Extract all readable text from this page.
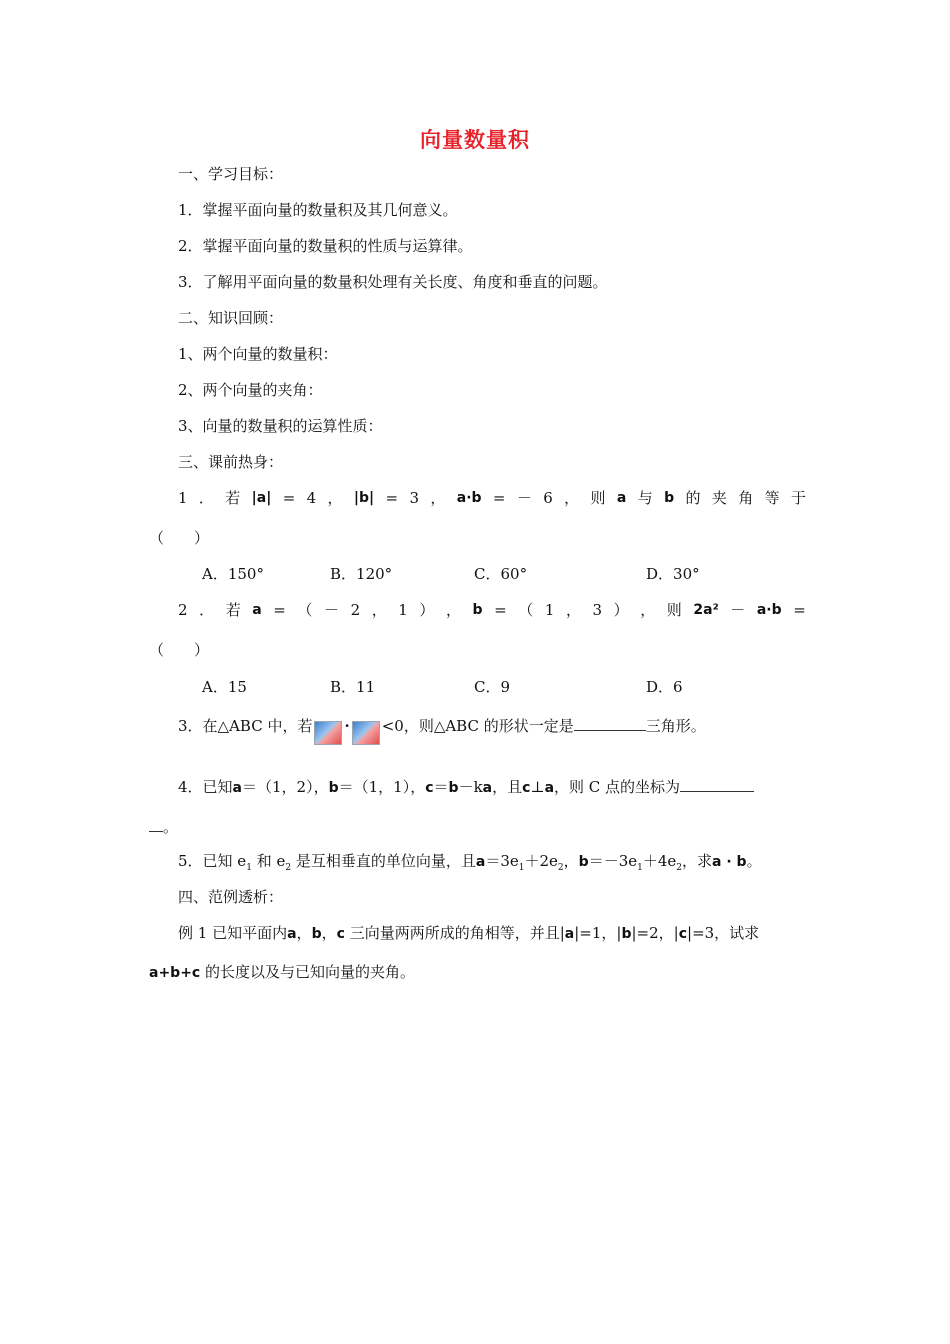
向量数量积
一、学习目标：
1．掌握平面向量的数量积及其几何意义。
2．掌握平面向量的数量积的性质与运算律。
3．了解用平面向量的数量积处理有关长度、角度和垂直的问题。
二、知识回顾：
1、两个向量的数量积：
2、两个向量的夹角：
3、向量的数量积的运算性质：
三、课前热身：
1 ． 若 |a| = 4 ， |b| = 3 ， a·b = － 6 ， 则 a 与 b 的 夹 角 等 于
（　　）
A．150°	B．120°	C．60°	D．30°
2 ． 若 a = （ － 2 ， 1 ） ， b = （ 1 ， 3 ） ， 则 2a² － a·b =
（　　）
A．15	B．11	C．9	D．6
3．在△ABC 中，若 · <0，则△ABC 的形状一定是	三角形。
4．已知a＝（1，2），b＝（1，1），c＝b－ka，且c⊥a，则 C 点的坐标为
。
5．已知 $e_1$ 和 $e_2$ 是互相垂直的单位向量，且$a=3e_1+2e_2$，$b=-3e_1+4e_2$，求a · b。
四、范例透析：
例 1 已知平面内a，b，c 三向量两两所成的角相等，并且|a|=1，|b|=2，|c|=3，试求
a+b+c 的长度以及与已知向量的夹角。
